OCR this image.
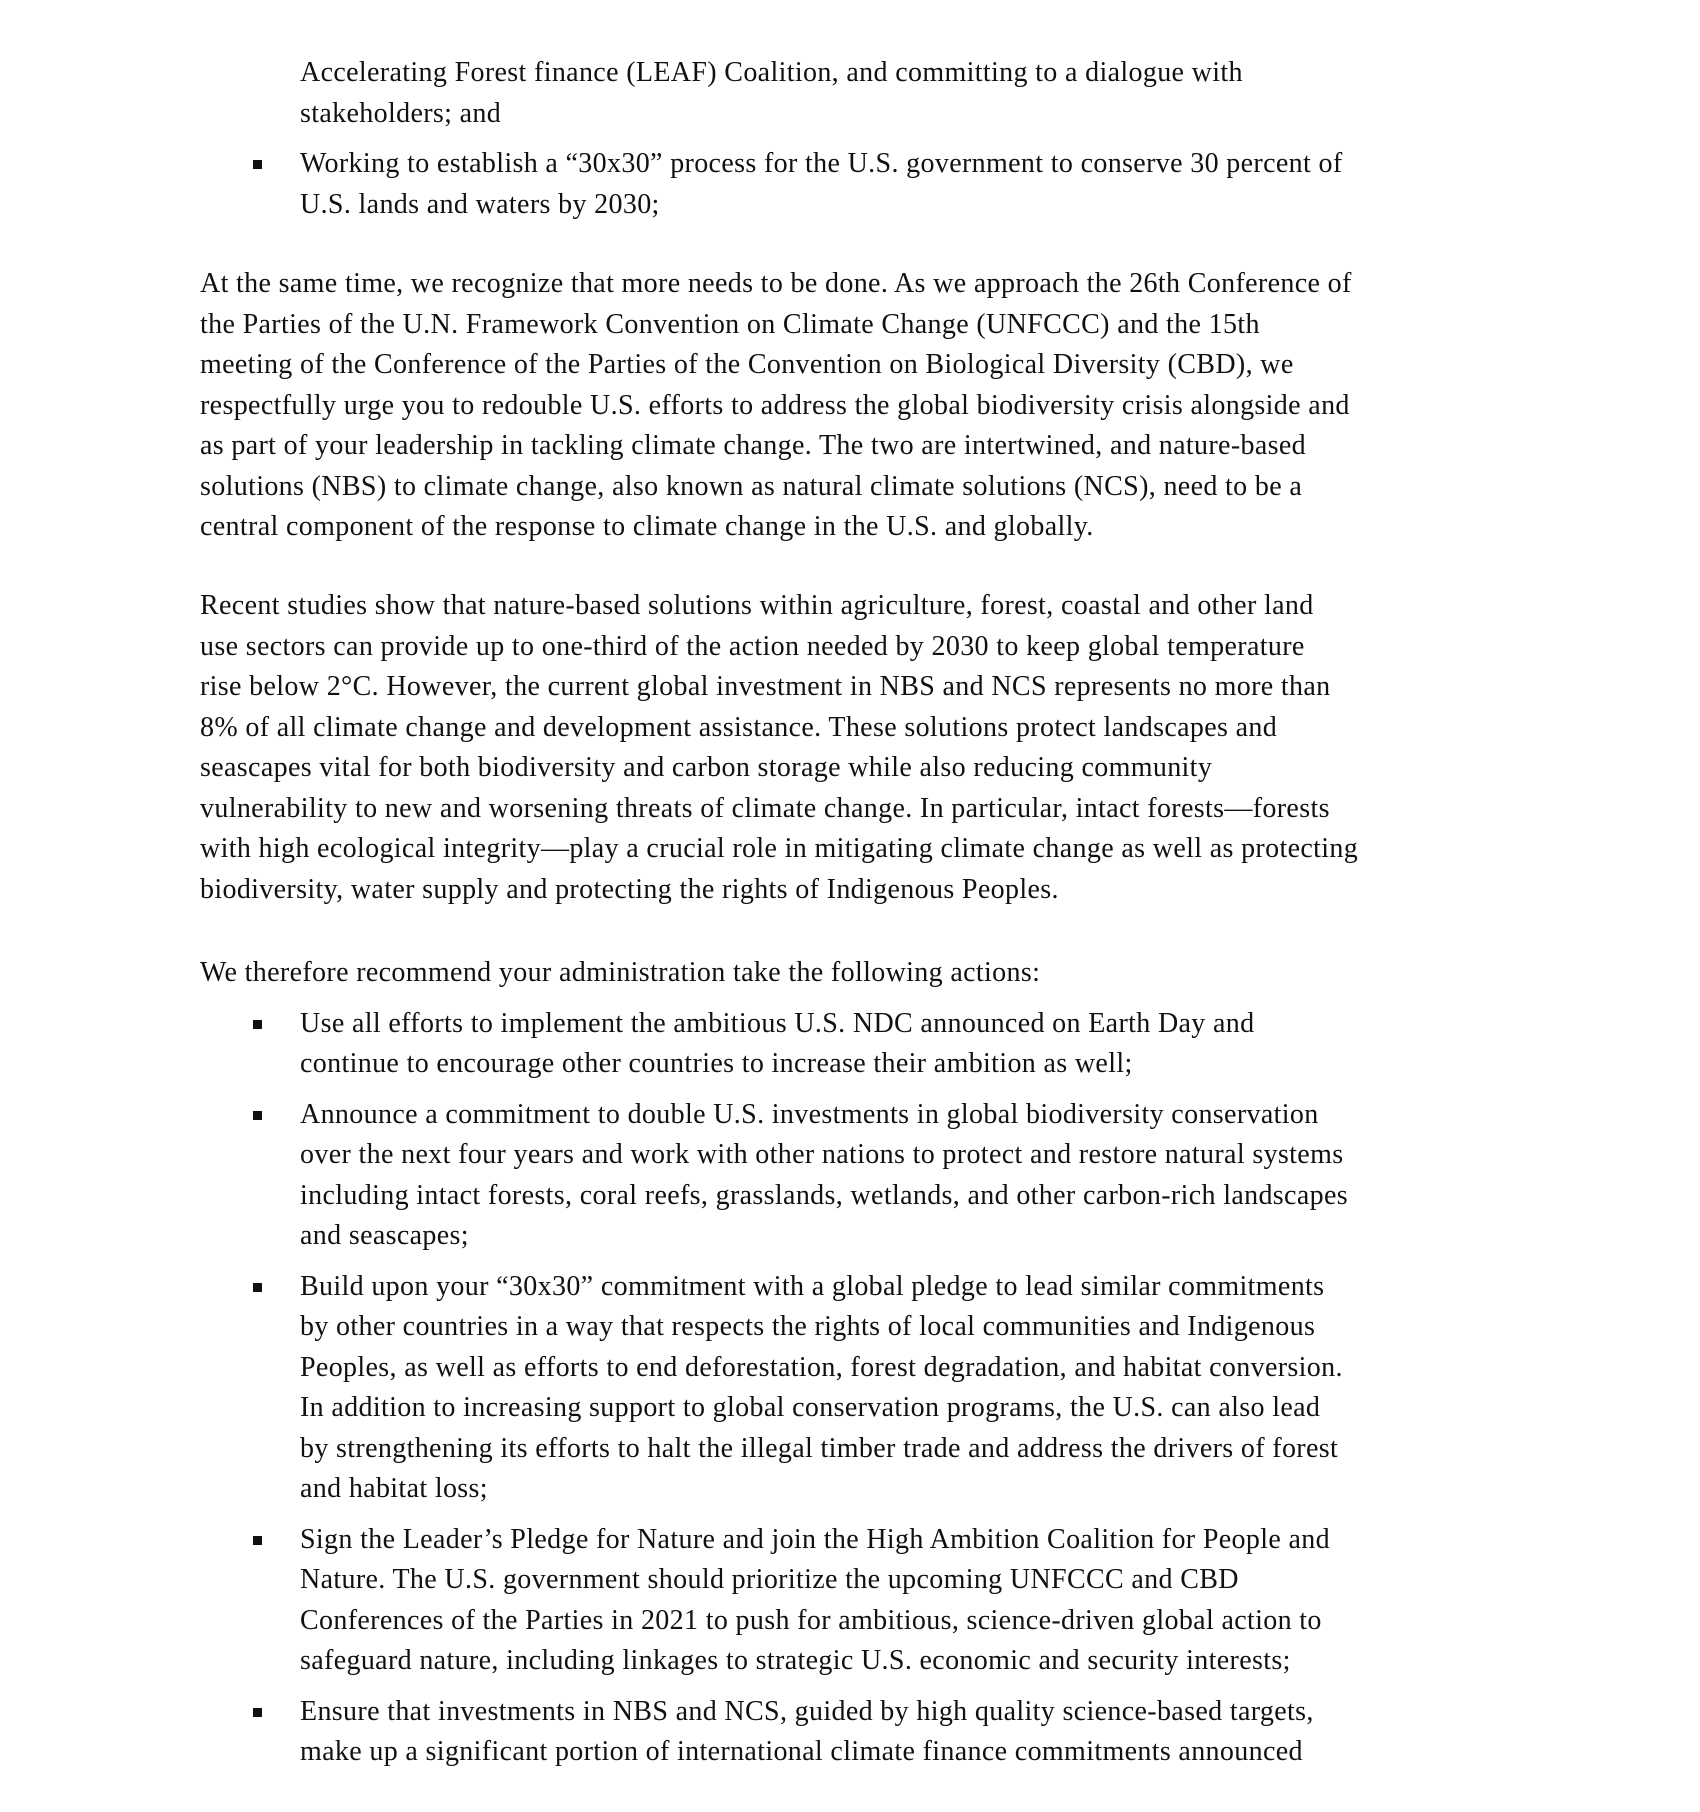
Accelerating Forest finance (LEAF) Coalition, and committing to a dialogue with
stakeholders; and
Working to establish a “30x30” process for the U.S. government to conserve 30 percent of
U.S. lands and waters by 2030;
At the same time, we recognize that more needs to be done. As we approach the 26th Conference of
the Parties of the U.N. Framework Convention on Climate Change (UNFCCC) and the 15th
meeting of the Conference of the Parties of the Convention on Biological Diversity (CBD), we
respectfully urge you to redouble U.S. efforts to address the global biodiversity crisis alongside and
as part of your leadership in tackling climate change. The two are intertwined, and nature-based
solutions (NBS) to climate change, also known as natural climate solutions (NCS), need to be a
central component of the response to climate change in the U.S. and globally.
Recent studies show that nature-based solutions within agriculture, forest, coastal and other land
use sectors can provide up to one-third of the action needed by 2030 to keep global temperature
rise below 2°C. However, the current global investment in NBS and NCS represents no more than
8% of all climate change and development assistance. These solutions protect landscapes and
seascapes vital for both biodiversity and carbon storage while also reducing community
vulnerability to new and worsening threats of climate change. In particular, intact forests—forests
with high ecological integrity—play a crucial role in mitigating climate change as well as protecting
biodiversity, water supply and protecting the rights of Indigenous Peoples.
We therefore recommend your administration take the following actions:
Use all efforts to implement the ambitious U.S. NDC announced on Earth Day and
continue to encourage other countries to increase their ambition as well;
Announce a commitment to double U.S. investments in global biodiversity conservation
over the next four years and work with other nations to protect and restore natural systems
including intact forests, coral reefs, grasslands, wetlands, and other carbon-rich landscapes
and seascapes;
Build upon your “30x30” commitment with a global pledge to lead similar commitments
by other countries in a way that respects the rights of local communities and Indigenous
Peoples, as well as efforts to end deforestation, forest degradation, and habitat conversion.
In addition to increasing support to global conservation programs, the U.S. can also lead
by strengthening its efforts to halt the illegal timber trade and address the drivers of forest
and habitat loss;
Sign the Leader’s Pledge for Nature and join the High Ambition Coalition for People and
Nature. The U.S. government should prioritize the upcoming UNFCCC and CBD
Conferences of the Parties in 2021 to push for ambitious, science-driven global action to
safeguard nature, including linkages to strategic U.S. economic and security interests;
Ensure that investments in NBS and NCS, guided by high quality science-based targets,
make up a significant portion of international climate finance commitments announced
